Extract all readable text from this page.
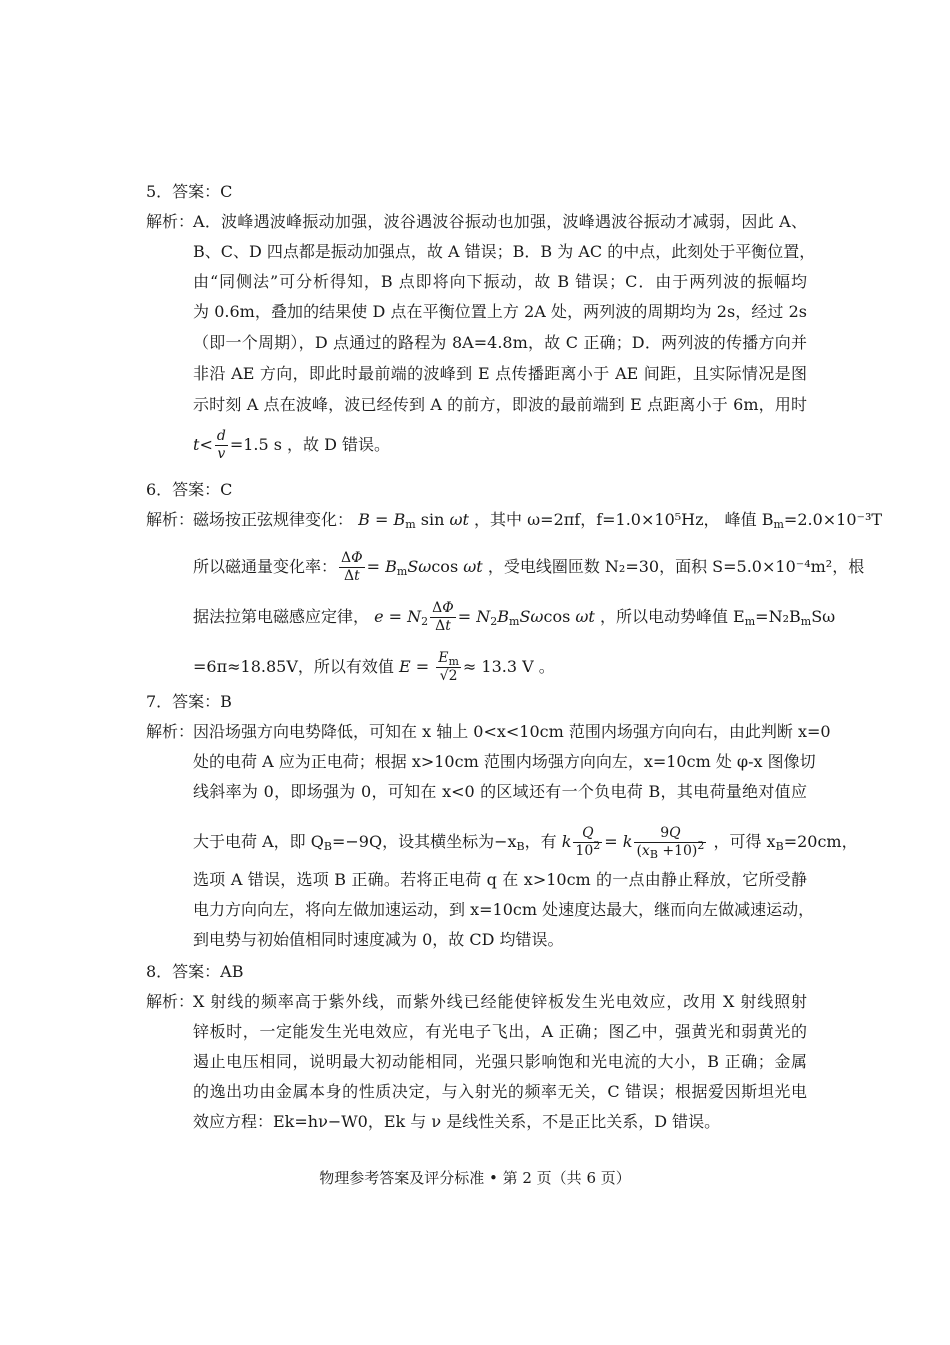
5．答案：C
解析：
A．波峰遇波峰振动加强，波谷遇波谷振动也加强，波峰遇波谷振动才减弱，因此 A、
B、C、D 四点都是振动加强点，故 A 错误；B．B 为 AC 的中点，此刻处于平衡位置，
由“同侧法”可分析得知，B 点即将向下振动，故 B 错误；C．由于两列波的振幅均
为 0.6m，叠加的结果使 D 点在平衡位置上方 2A 处，两列波的周期均为 2s，经过 2s
（即一个周期），D 点通过的路程为 8A=4.8m，故 C 正确；D．两列波的传播方向并
非沿 AE 方向，即此时最前端的波峰到 E 点传播距离小于 AE 间距，且实际情况是图
示时刻 A 点在波峰，波已经传到 A 的前方，即波的最前端到 E 点距离小于 6m，用时
$t< \frac{d}{v} =1.5$ s ，故 D 错误。
6．答案：C
解析：
磁场按正弦规律变化： $B = B_m$ sin ωt ，其中 ω=2πf，f=1.0×10⁵Hz， 峰值 $B_m=2.0\times 10^{-3}T$
所以磁通量变化率： $\frac{\Delta\Phi}{\Delta t} = B_mS\omega\cos$ ωt ，受电线圈匝数 N₂=30，面积 S=5.0×10⁻⁴m²，根
据法拉第电磁感应定律， $e = N_2 \frac{\Delta\Phi}{\Delta t} = N_2B_mS\omega\cos$ ωt ，所以电动势峰值 $E_m=N_2B_mS\omega$
=6π≈18.85V，所以有效值 $E = \frac{E_m}{√2} \approx 13.3$ V 。
7．答案：B
解析：
因沿场强方向电势降低，可知在 x 轴上 0<x<10cm 范围内场强方向向右，由此判断 x=0
处的电荷 A 应为正电荷；根据 x>10cm 范围内场强方向向左，x=10cm 处 φ-x 图像切
线斜率为 0，即场强为 0，可知在 x<0 的区域还有一个负电荷 B，其电荷量绝对值应
大于电荷 A，即 $Q_B=-9Q$，设其横坐标为$-x_B$，有 k $\frac{Q}{10^2} = k \frac{9Q}{(x_B +10)^2}$ ，可得 $x_B=20cm$，
选项 A 错误，选项 B 正确。若将正电荷 q 在 x>10cm 的一点由静止释放，它所受静
电力方向向左，将向左做加速运动，到 x=10cm 处速度达最大，继而向左做减速运动，
到电势与初始值相同时速度减为 0，故 CD 均错误。
8．答案：AB
解析：
X 射线的频率高于紫外线，而紫外线已经能使锌板发生光电效应，改用 X 射线照射
锌板时，一定能发生光电效应，有光电子飞出，A 正确；图乙中，强黄光和弱黄光的
遏止电压相同，说明最大初动能相同，光强只影响饱和光电流的大小，B 正确；金属
的逸出功由金属本身的性质决定，与入射光的频率无关，C 错误；根据爱因斯坦光电
效应方程：Ek=hν−W0，Ek 与 ν 是线性关系，不是正比关系，D 错误。
物理参考答案及评分标准 • 第 2 页（共 6 页）
